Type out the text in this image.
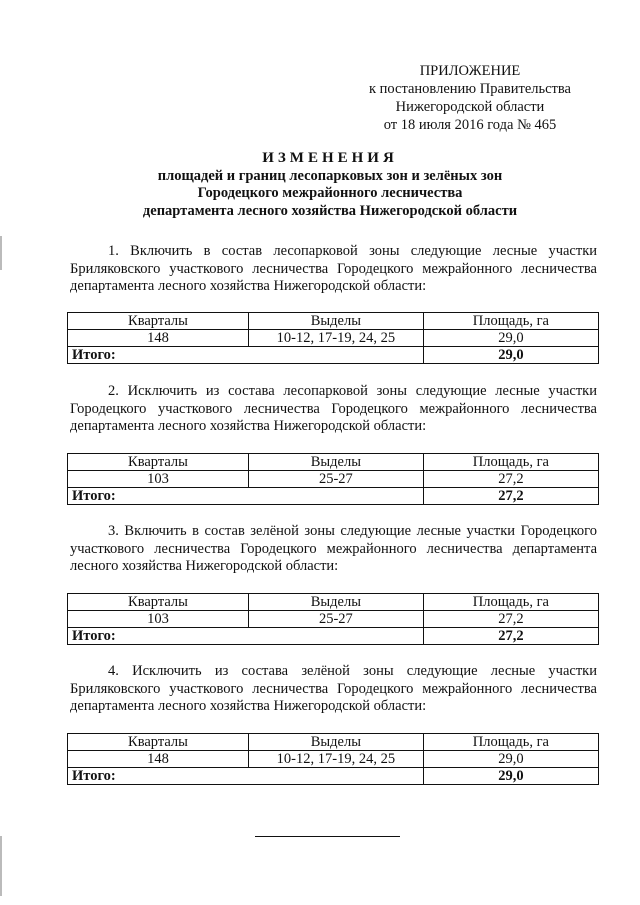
ПРИЛОЖЕНИЕ
к постановлению Правительства
Нижегородской области
от 18 июля 2016 года № 465
ИЗМЕНЕНИЯ
площадей и границ лесопарковых зон и зелёных зон
Городецкого межрайонного лесничества
департамента лесного хозяйства Нижегородской области

1. Включить в состав лесопарковой зоны следующие лесные участки Бриляковского участкового лесничества Городецкого межрайонного лесничества департамента лесного хозяйства Нижегородской области:

Кварталы	Выделы	Площадь, га
148	10-12, 17-19, 24, 25	29,0
Итого:		29,0

2. Исключить из состава лесопарковой зоны следующие лесные участки Городецкого участкового лесничества Городецкого межрайонного лесничества департамента лесного хозяйства Нижегородской области:

Кварталы	Выделы	Площадь, га
103	25-27	27,2
Итого:		27,2

3. Включить в состав зелёной зоны следующие лесные участки Городецкого участкового лесничества Городецкого межрайонного лесничества департамента лесного хозяйства Нижегородской области:

Кварталы	Выделы	Площадь, га
103	25-27	27,2
Итого:		27,2

4. Исключить из состава зелёной зоны следующие лесные участки Бриляковского участкового лесничества Городецкого межрайонного лесничества департамента лесного хозяйства Нижегородской области:

Кварталы	Выделы	Площадь, га
148	10-12, 17-19, 24, 25	29,0
Итого:		29,0
